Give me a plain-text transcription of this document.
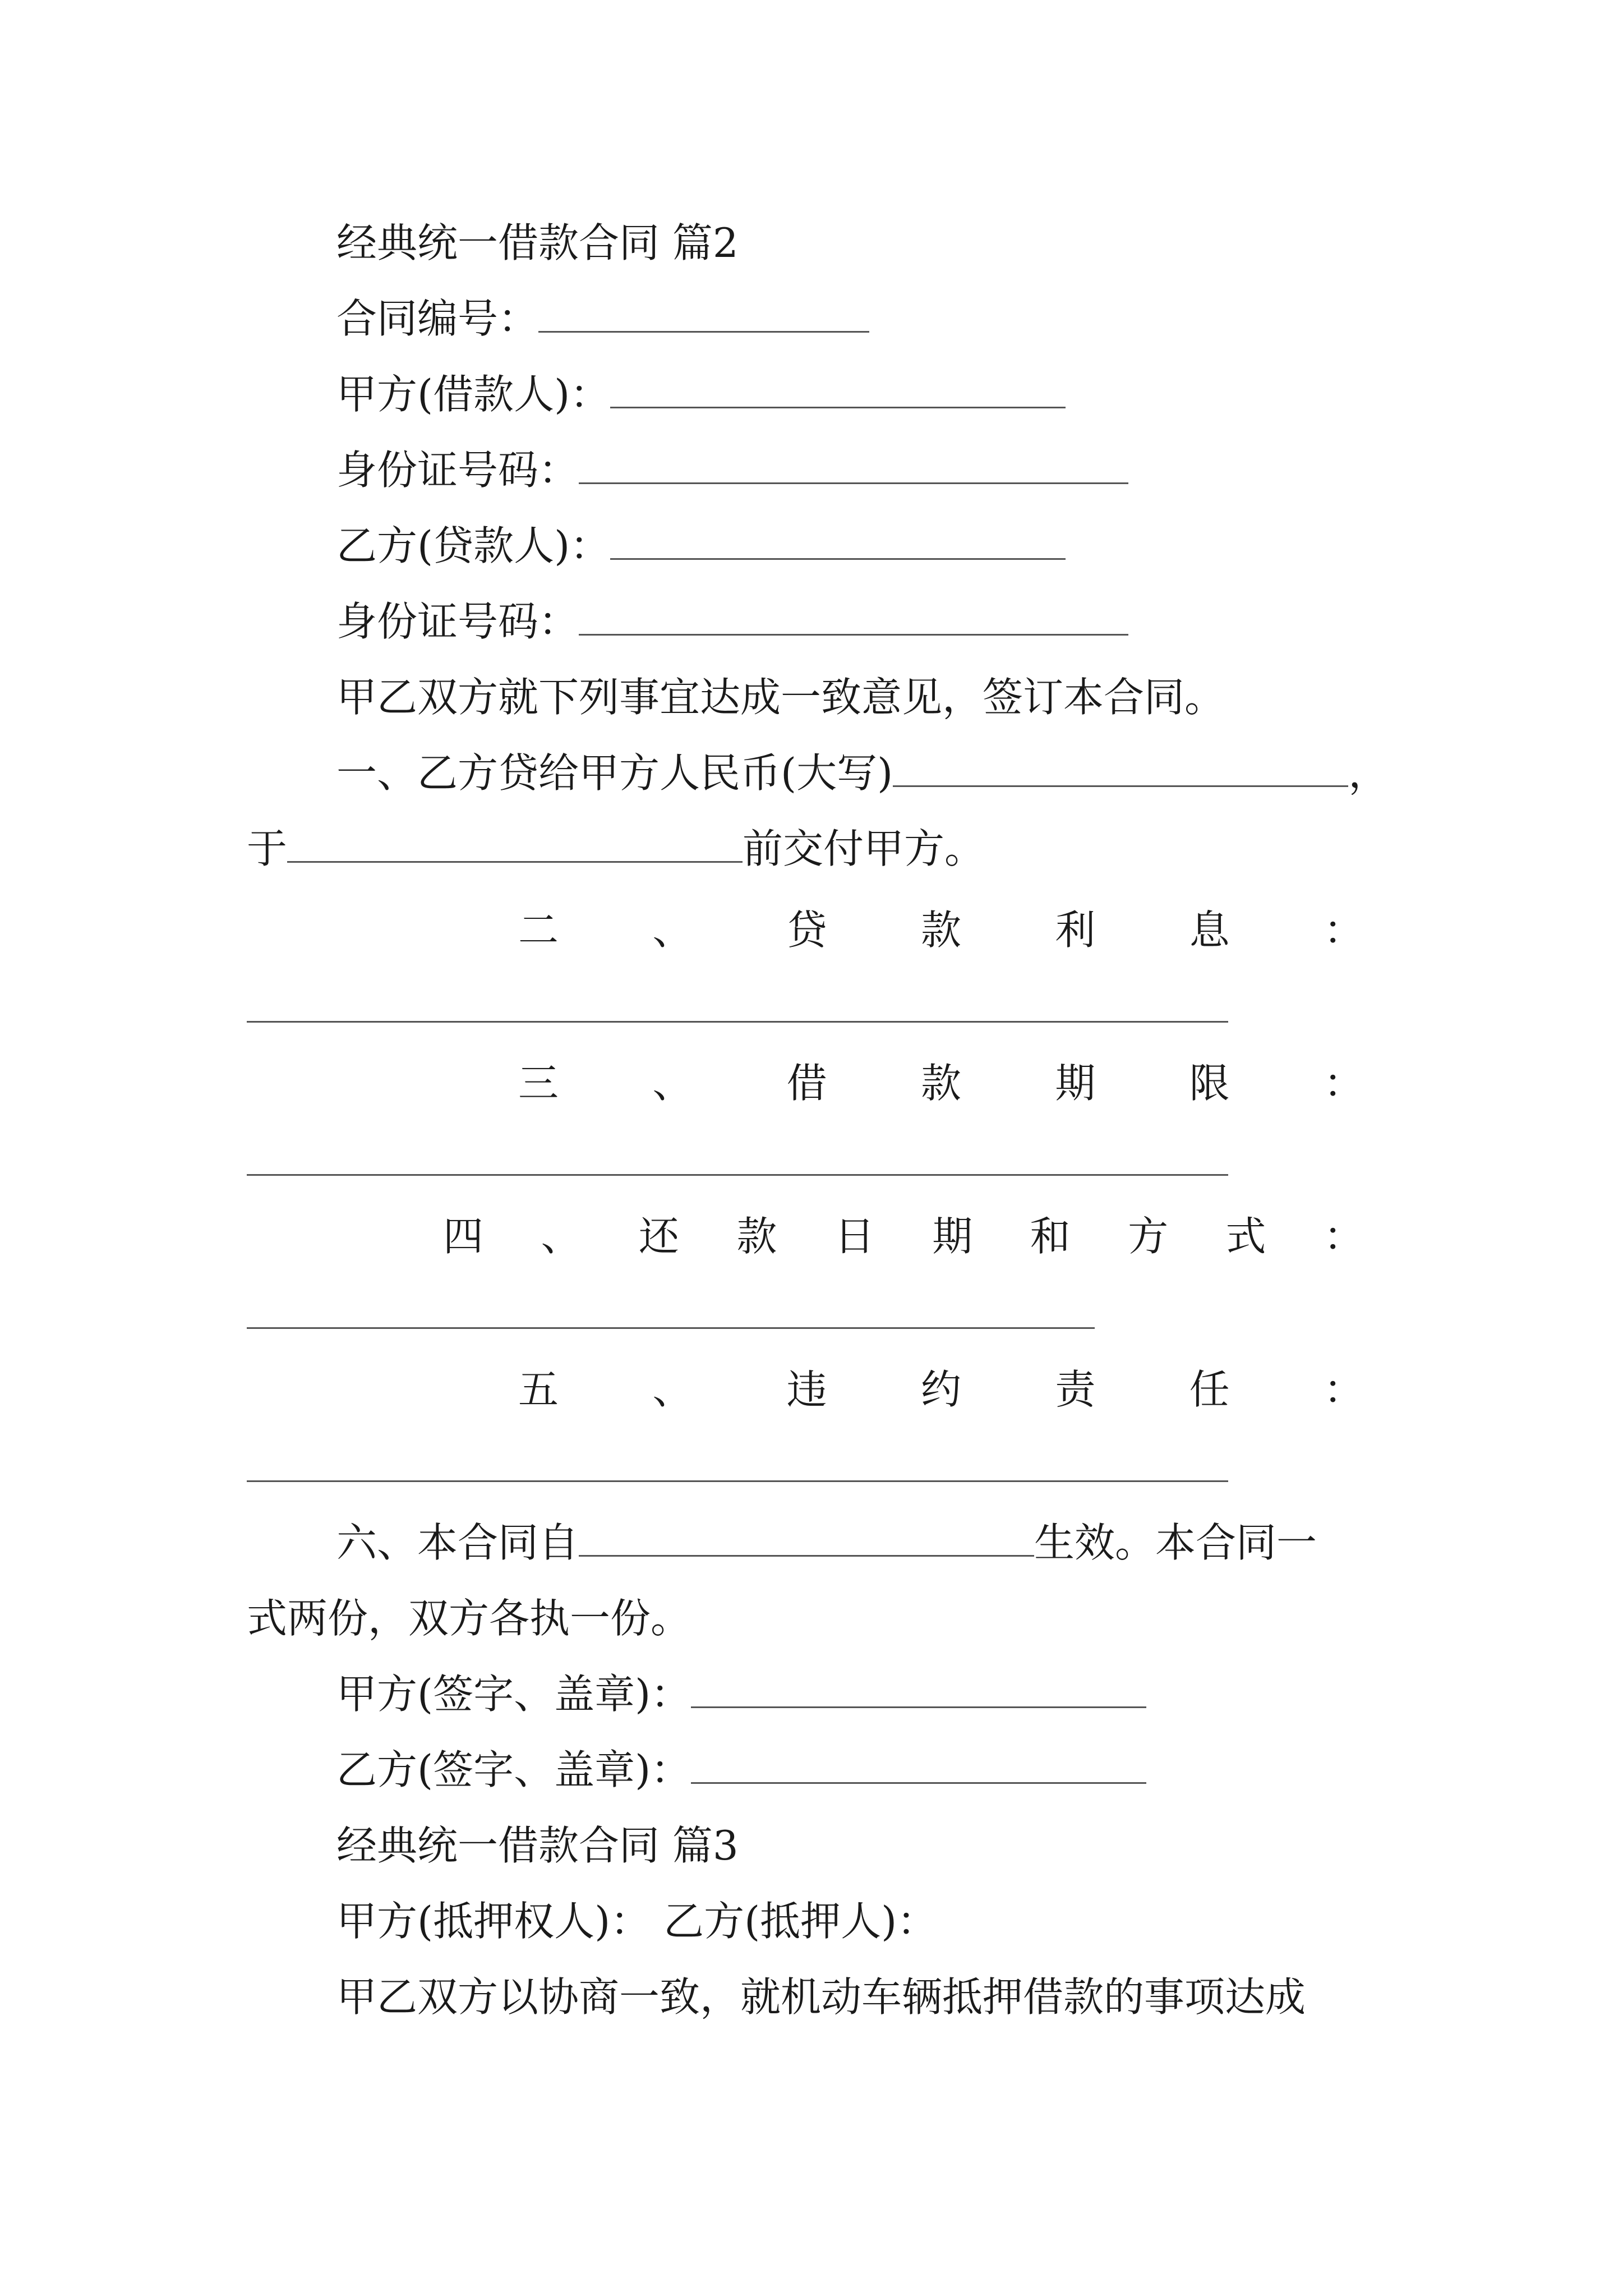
经典统一借款合同 篇2
合同编号：
甲方(借款人)：
身份证号码：
乙方(贷款人)：
身份证号码：
甲乙双方就下列事宜达成一致意见，签订本合同。
一、乙方贷给甲方人民币(大写)	，
于	前交付甲方。
二 、 贷 款 利 息 ：
三 、 借 款 期 限 ：
四 、 还 款 日 期 和 方 式 ：
五 、 违 约 责 任 ：
六、本合同自	生效。本合同一
式两份，双方各执一份。
甲方(签字、盖章)：
乙方(签字、盖章)：
经典统一借款合同 篇3
甲方(抵押权人)： 乙方(抵押人)：
甲乙双方以协商一致，就机动车辆抵押借款的事项达成
